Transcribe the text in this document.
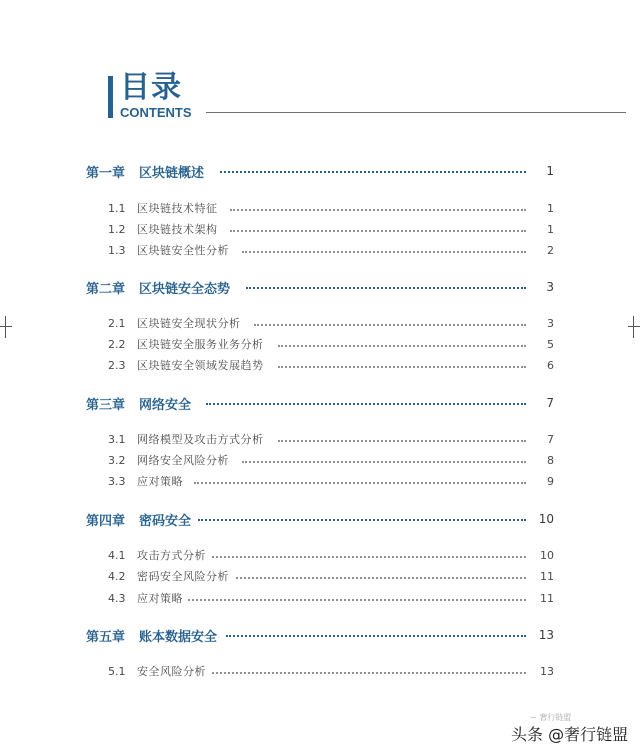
目录
CONTENTS
第一章 区块链概述	1
1.1 区块链技术特征	1
1.2 区块链技术架构	1
1.3 区块链安全性分析	2
第二章 区块链安全态势	3
2.1 区块链安全现状分析	3
2.2 区块链安全服务业务分析	5
2.3 区块链安全领域发展趋势	6
第三章 网络安全	7
3.1 网络模型及攻击方式分析	7
3.2 网络安全风险分析	8
3.3 应对策略	9
第四章 密码安全	10
4.1 攻击方式分析	10
4.2 密码安全风险分析	11
4.3 应对策略	11
第五章 账本数据安全	13
5.1 安全风险分析	13
~ 奢行链盟
头条 @奢行链盟
